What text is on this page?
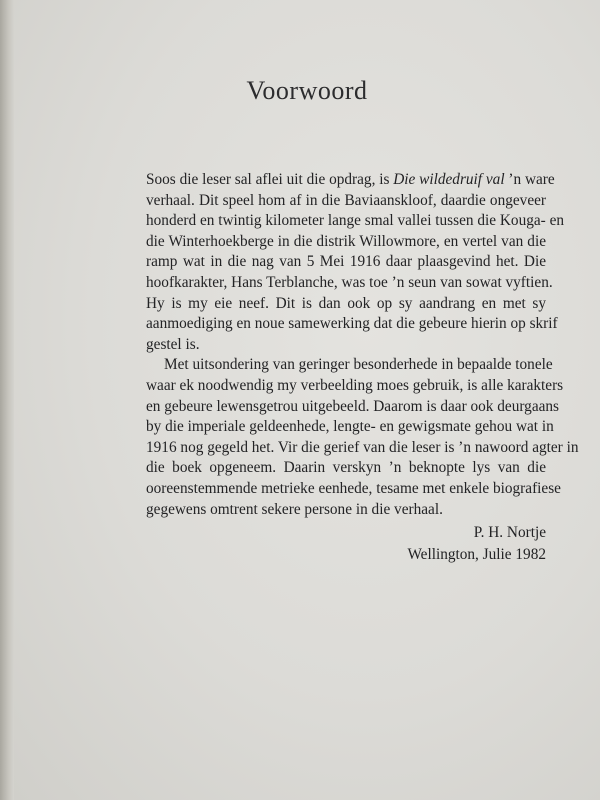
Voorwoord
Soos die leser sal aflei uit die opdrag, is Die wildedruif val ’n ware
verhaal. Dit speel hom af in die Baviaanskloof, daardie ongeveer
honderd en twintig kilometer lange smal vallei tussen die Kouga- en
die Winterhoekberge in die distrik Willowmore, en vertel van die
ramp wat in die nag van 5 Mei 1916 daar plaasgevind het. Die
hoofkarakter, Hans Terblanche, was toe ’n seun van sowat vyftien.
Hy is my eie neef. Dit is dan ook op sy aandrang en met sy
aanmoediging en noue samewerking dat die gebeure hierin op skrif
gestel is.
Met uitsondering van geringer besonderhede in bepaalde tonele
waar ek noodwendig my verbeelding moes gebruik, is alle karakters
en gebeure lewensgetrou uitgebeeld. Daarom is daar ook deurgaans
by die imperiale geldeenhede, lengte- en gewigsmate gehou wat in
1916 nog gegeld het. Vir die gerief van die leser is ’n nawoord agter in
die boek opgeneem. Daarin verskyn ’n beknopte lys van die
ooreenstemmende metrieke eenhede, tesame met enkele biografiese
gegewens omtrent sekere persone in die verhaal.
P. H. Nortje
Wellington, Julie 1982
